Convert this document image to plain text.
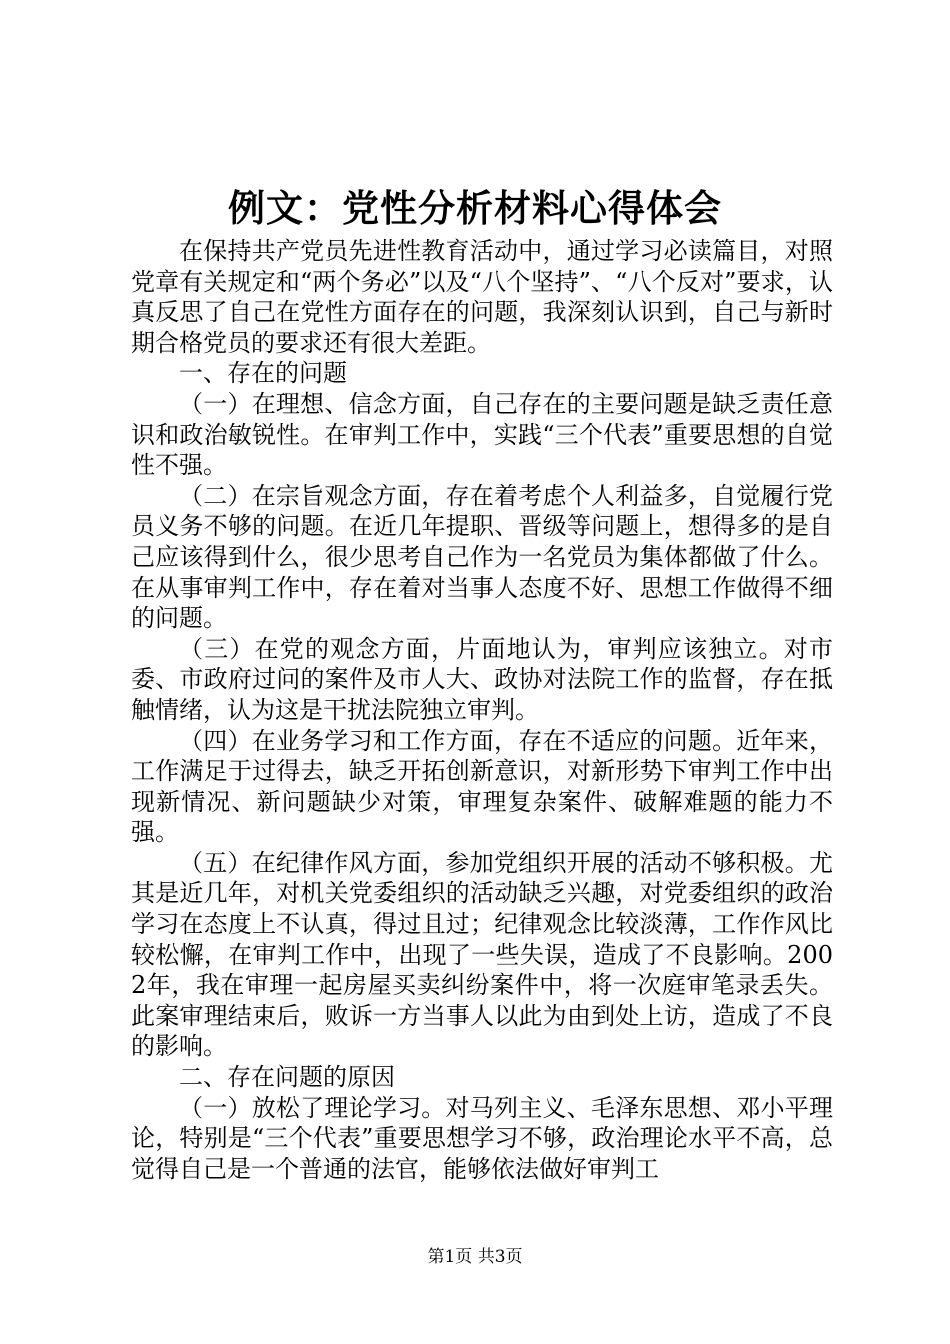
例文：党性分析材料心得体会

在保持共产党员先进性教育活动中，通过学习必读篇目，对照党章有关规定和“两个务必”以及“八个坚持”、“八个反对”要求，认真反思了自己在党性方面存在的问题，我深刻认识到，自己与新时期合格党员的要求还有很大差距。

一、存在的问题

（一）在理想、信念方面，自己存在的主要问题是缺乏责任意识和政治敏锐性。在审判工作中，实践“三个代表”重要思想的自觉性不强。

（二）在宗旨观念方面，存在着考虑个人利益多，自觉履行党员义务不够的问题。在近几年提职、晋级等问题上，想得多的是自己应该得到什么，很少思考自己作为一名党员为集体都做了什么。在从事审判工作中，存在着对当事人态度不好、思想工作做得不细的问题。

（三）在党的观念方面，片面地认为，审判应该独立。对市委、市政府过问的案件及市人大、政协对法院工作的监督，存在抵触情绪，认为这是干扰法院独立审判。

（四）在业务学习和工作方面，存在不适应的问题。近年来，工作满足于过得去，缺乏开拓创新意识，对新形势下审判工作中出现新情况、新问题缺少对策，审理复杂案件、破解难题的能力不强。

（五）在纪律作风方面，参加党组织开展的活动不够积极。尤其是近几年，对机关党委组织的活动缺乏兴趣，对党委组织的政治学习在态度上不认真，得过且过；纪律观念比较淡薄，工作作风比较松懈，在审判工作中，出现了一些失误，造成了不良影响。2002年，我在审理一起房屋买卖纠纷案件中，将一次庭审笔录丢失。此案审理结束后，败诉一方当事人以此为由到处上访，造成了不良的影响。

二、存在问题的原因

（一）放松了理论学习。对马列主义、毛泽东思想、邓小平理论，特别是“三个代表”重要思想学习不够，政治理论水平不高，总觉得自己是一个普通的法官，能够依法做好审判工

第1页 共3页
